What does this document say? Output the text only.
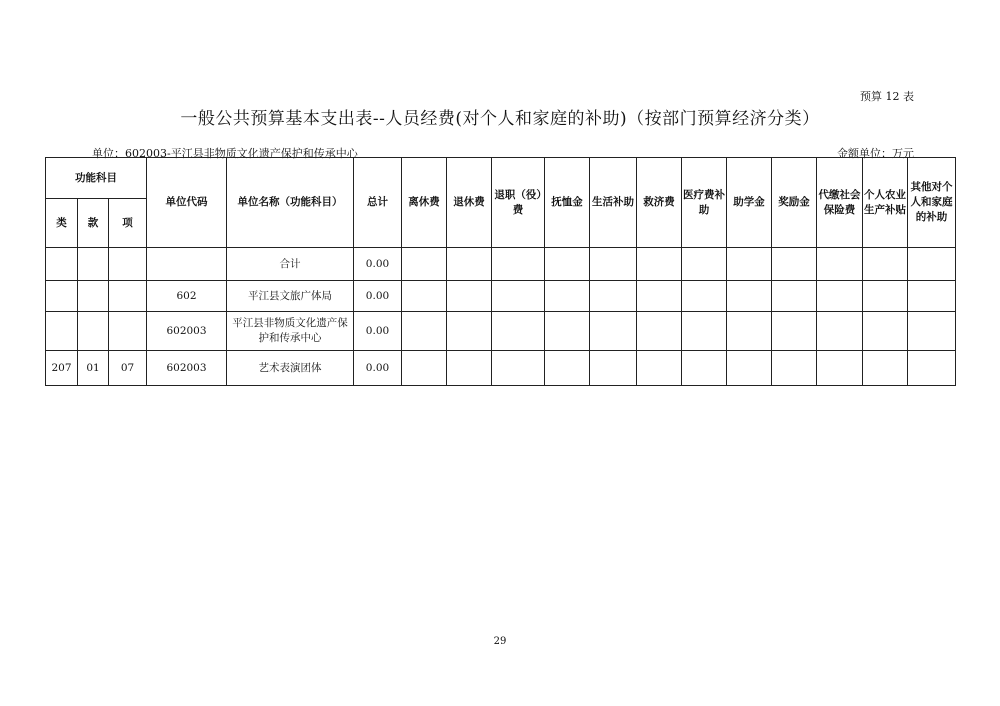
预算 12 表
一般公共预算基本支出表--人员经费(对个人和家庭的补助)（按部门预算经济分类）
单位：602003-平江县非物质文化遗产保护和传承中心	金额单位：万元
功能科目			单位代码	单位名称（功能科目）	总计	离休费	退休费	退职（役）费	抚恤金	生活补助	救济费	医疗费补助	助学金	奖励金	代缴社会保险费	个人农业生产补贴	其他对个人和家庭的补助
类	款	项															
				合计	0.00												
			602	平江县文旅广体局	0.00												
			602003	平江县非物质文化遗产保护和传承中心	0.00												
207	01	07	602003	艺术表演团体	0.00												
29
